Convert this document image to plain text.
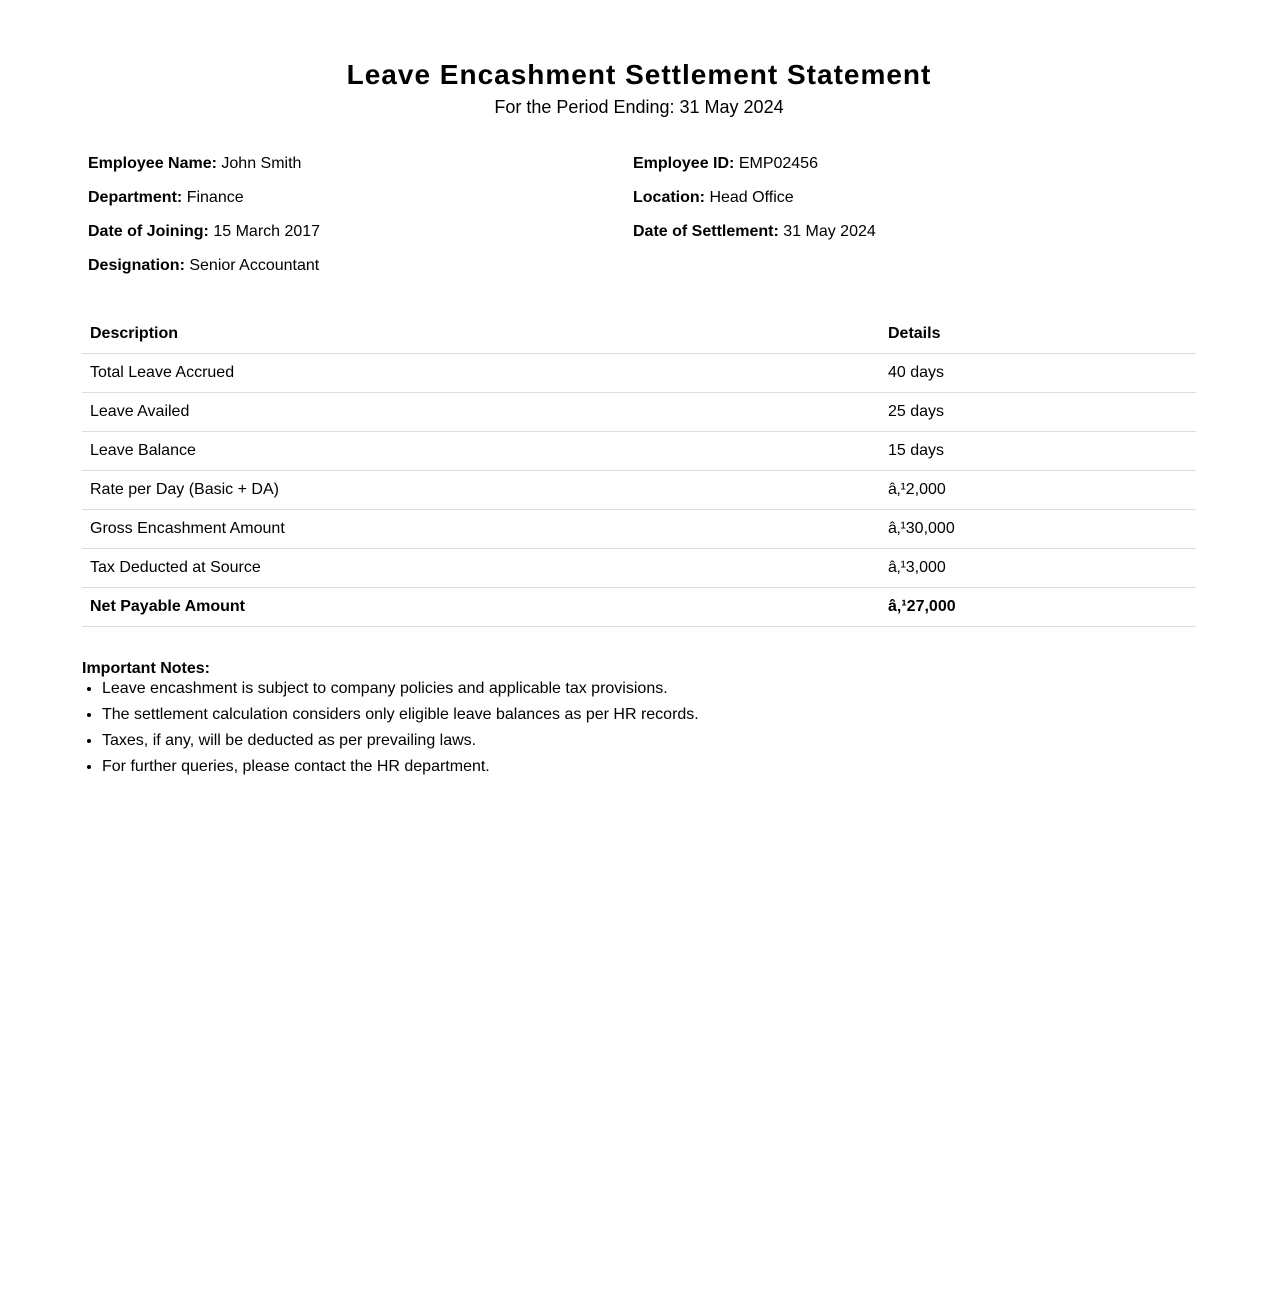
Leave Encashment Settlement Statement
For the Period Ending: 31 May 2024
Employee Name: John Smith
Department: Finance
Date of Joining: 15 March 2017
Designation: Senior Accountant
Employee ID: EMP02456
Location: Head Office
Date of Settlement: 31 May 2024
Description	Details
Total Leave Accrued	40 days
Leave Availed	25 days
Leave Balance	15 days
Rate per Day (Basic + DA)	â‚¹2,000
Gross Encashment Amount	â‚¹30,000
Tax Deducted at Source	â‚¹3,000
Net Payable Amount	â‚¹27,000
Important Notes:
• Leave encashment is subject to company policies and applicable tax provisions.
• The settlement calculation considers only eligible leave balances as per HR records.
• Taxes, if any, will be deducted as per prevailing laws.
• For further queries, please contact the HR department.
